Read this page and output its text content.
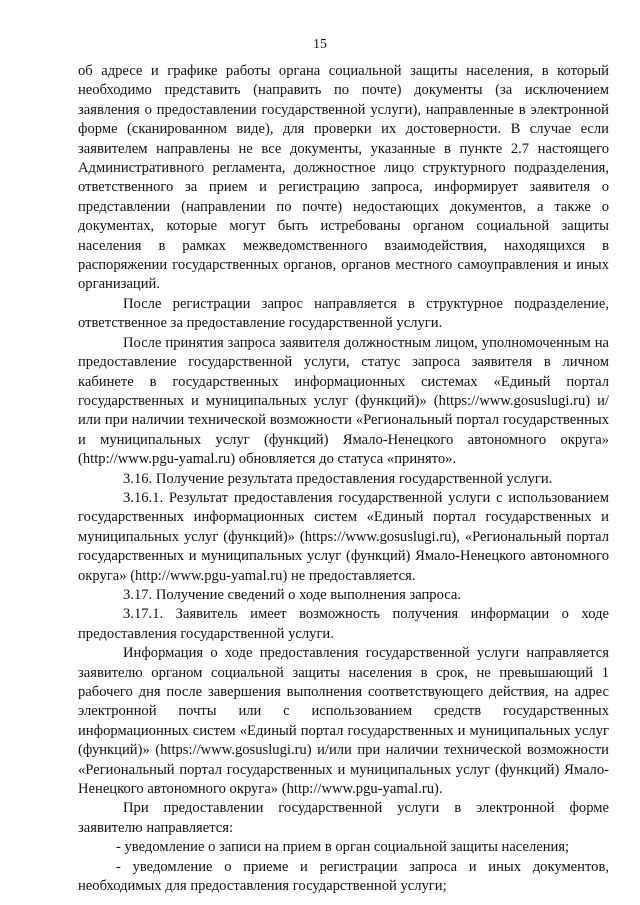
15

об адресе и графике работы органа социальной защиты населения, в который необходимо представить (направить по почте) документы (за исключением заявления о предоставлении государственной услуги), направленные в электронной форме (сканированном виде), для проверки их достоверности. В случае если заявителем направлены не все документы, указанные в пункте 2.7 настоящего Административного регламента, должностное лицо структурного подразделения, ответственного за прием и регистрацию запроса, информирует заявителя о представлении (направлении по почте) недостающих документов, а также о документах, которые могут быть истребованы органом социальной защиты населения в рамках межведомственного взаимодействия, находящихся в распоряжении государственных органов, органов местного самоуправления и иных организаций.

После регистрации запрос направляется в структурное подразделение, ответственное за предоставление государственной услуги.

После принятия запроса заявителя должностным лицом, уполномоченным на предоставление государственной услуги, статус запроса заявителя в личном кабинете в государственных информационных системах «Единый портал государственных и муниципальных услуг (функций)» (https://www.gosuslugi.ru) и/или при наличии технической возможности «Региональный портал государственных и муниципальных услуг (функций) Ямало-Ненецкого автономного округа» (http://www.pgu-yamal.ru) обновляется до статуса «принято».

3.16. Получение результата предоставления государственной услуги.

3.16.1. Результат предоставления государственной услуги с использованием государственных информационных систем «Единый портал государственных и муниципальных услуг (функций)» (https://www.gosuslugi.ru), «Региональный портал государственных и муниципальных услуг (функций) Ямало-Ненецкого автономного округа» (http://www.pgu-yamal.ru) не предоставляется.

3.17. Получение сведений о ходе выполнения запроса.

3.17.1. Заявитель имеет возможность получения информации о ходе предоставления государственной услуги.

Информация о ходе предоставления государственной услуги направляется заявителю органом социальной защиты населения в срок, не превышающий 1 рабочего дня после завершения выполнения соответствующего действия, на адрес электронной почты или с использованием средств государственных информационных систем «Единый портал государственных и муниципальных услуг (функций)» (https://www.gosuslugi.ru) и/или при наличии технической возможности «Региональный портал государственных и муниципальных услуг (функций) Ямало-Ненецкого автономного округа» (http://www.pgu-yamal.ru).

При предоставлении государственной услуги в электронной форме заявителю направляется:

- уведомление о записи на прием в орган социальной защиты населения;

- уведомление о приеме и регистрации запроса и иных документов, необходимых для предоставления государственной услуги;
